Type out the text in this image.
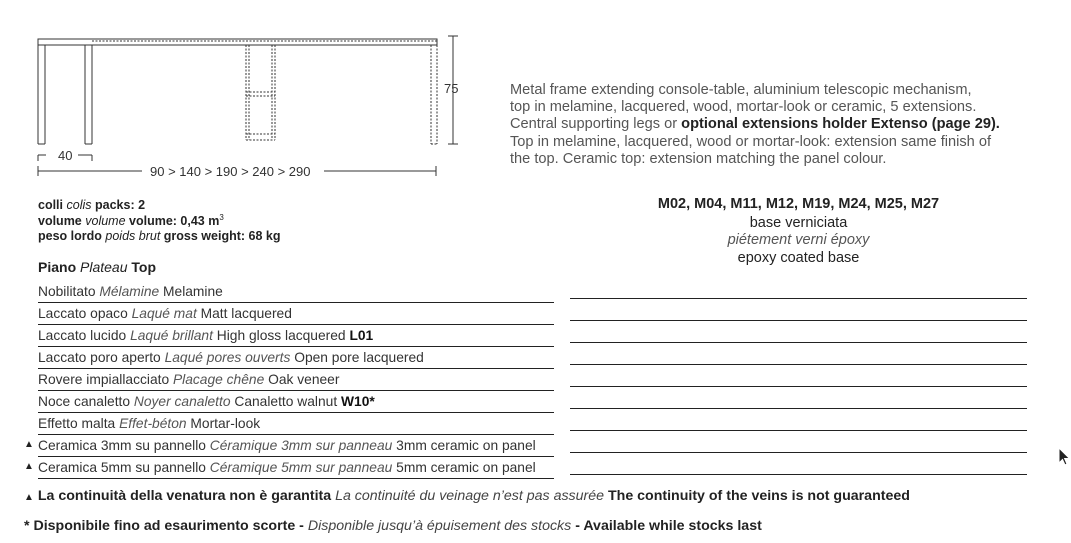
75
40
90 > 140 > 190 > 240 > 290
Metal frame extending console-table, aluminium telescopic mechanism,
top in melamine, lacquered, wood, mortar-look or ceramic, 5 extensions.
Central supporting legs or optional extensions holder Extenso (page 29).
Top in melamine, lacquered, wood or mortar-look: extension same finish of
the top. Ceramic top: extension matching the panel colour.
colli colis packs: 2
volume volume volume: 0,43 $m^3$
peso lordo poids brut gross weight: 68 kg
M02, M04, M11, M12, M19, M24, M25, M27
base verniciata
piétement verni époxy
epoxy coated base
Piano Plateau Top
Nobilitato Mélamine Melamine
Laccato opaco Laqué mat Matt lacquered
Laccato lucido Laqué brillant High gloss lacquered L01
Laccato poro aperto Laqué pores ouverts Open pore lacquered
Rovere impiallacciato Placage chêne Oak veneer
Noce canaletto Noyer canaletto Canaletto walnut W10*
Effetto malta Effet-béton Mortar-look
Ceramica 3mm su pannello Céramique 3mm sur panneau 3mm ceramic on panel
▲
Ceramica 5mm su pannello Céramique 5mm sur panneau 5mm ceramic on panel
▲
▲ La continuità della venatura non è garantita La continuité du veinage n’est pas assurée The continuity of the veins is not guaranteed
* Disponibile fino ad esaurimento scorte - Disponible jusqu’à épuisement des stocks - Available while stocks last
